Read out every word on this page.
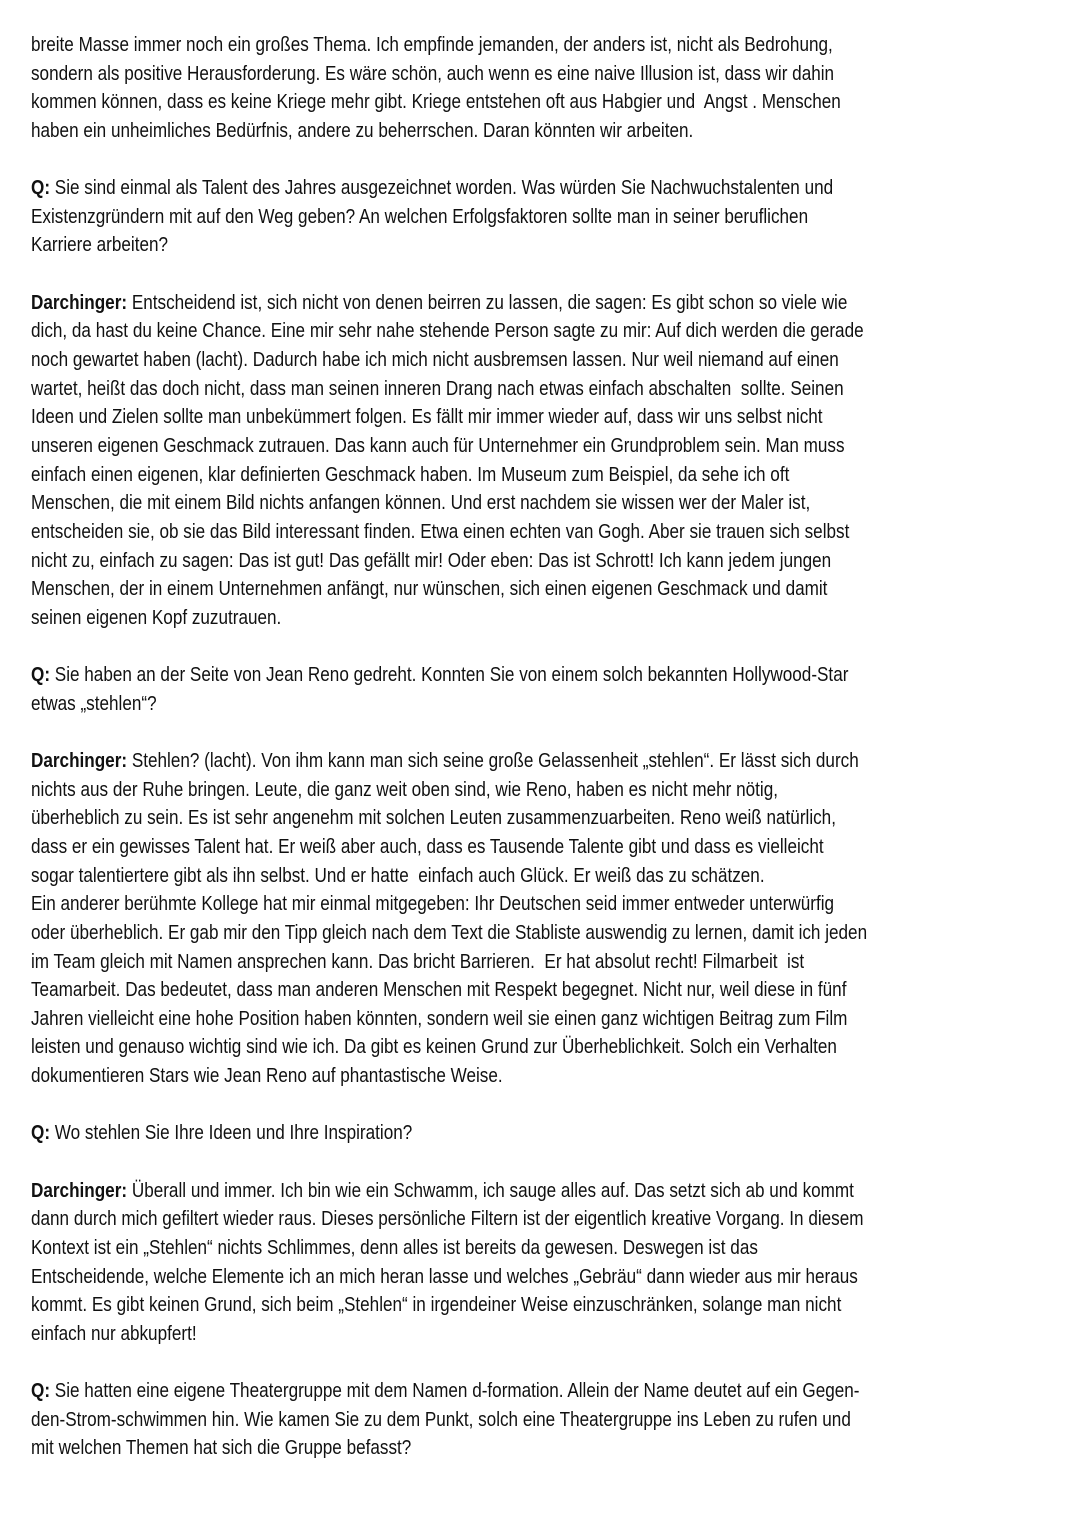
breite Masse immer noch ein großes Thema. Ich empfinde jemanden, der anders ist, nicht als Bedrohung,
sondern als positive Herausforderung. Es wäre schön, auch wenn es eine naive Illusion ist, dass wir dahin
kommen können, dass es keine Kriege mehr gibt. Kriege entstehen oft aus Habgier und  Angst . Menschen
haben ein unheimliches Bedürfnis, andere zu beherrschen. Daran könnten wir arbeiten.
Q: Sie sind einmal als Talent des Jahres ausgezeichnet worden. Was würden Sie Nachwuchstalenten und
Existenzgründern mit auf den Weg geben? An welchen Erfolgsfaktoren sollte man in seiner beruflichen
Karriere arbeiten?
Darchinger: Entscheidend ist, sich nicht von denen beirren zu lassen, die sagen: Es gibt schon so viele wie
dich, da hast du keine Chance. Eine mir sehr nahe stehende Person sagte zu mir: Auf dich werden die gerade
noch gewartet haben (lacht). Dadurch habe ich mich nicht ausbremsen lassen. Nur weil niemand auf einen
wartet, heißt das doch nicht, dass man seinen inneren Drang nach etwas einfach abschalten  sollte. Seinen
Ideen und Zielen sollte man unbekümmert folgen. Es fällt mir immer wieder auf, dass wir uns selbst nicht
unseren eigenen Geschmack zutrauen. Das kann auch für Unternehmer ein Grundproblem sein. Man muss
einfach einen eigenen, klar definierten Geschmack haben. Im Museum zum Beispiel, da sehe ich oft
Menschen, die mit einem Bild nichts anfangen können. Und erst nachdem sie wissen wer der Maler ist,
entscheiden sie, ob sie das Bild interessant finden. Etwa einen echten van Gogh. Aber sie trauen sich selbst
nicht zu, einfach zu sagen: Das ist gut! Das gefällt mir! Oder eben: Das ist Schrott! Ich kann jedem jungen
Menschen, der in einem Unternehmen anfängt, nur wünschen, sich einen eigenen Geschmack und damit
seinen eigenen Kopf zuzutrauen.
Q: Sie haben an der Seite von Jean Reno gedreht. Konnten Sie von einem solch bekannten Hollywood-Star
etwas „stehlen“?
Darchinger: Stehlen? (lacht). Von ihm kann man sich seine große Gelassenheit „stehlen“. Er lässt sich durch
nichts aus der Ruhe bringen. Leute, die ganz weit oben sind, wie Reno, haben es nicht mehr nötig,
überheblich zu sein. Es ist sehr angenehm mit solchen Leuten zusammenzuarbeiten. Reno weiß natürlich,
dass er ein gewisses Talent hat. Er weiß aber auch, dass es Tausende Talente gibt und dass es vielleicht
sogar talentiertere gibt als ihn selbst. Und er hatte  einfach auch Glück. Er weiß das zu schätzen.
Ein anderer berühmte Kollege hat mir einmal mitgegeben: Ihr Deutschen seid immer entweder unterwürfig
oder überheblich. Er gab mir den Tipp gleich nach dem Text die Stabliste auswendig zu lernen, damit ich jeden
im Team gleich mit Namen ansprechen kann. Das bricht Barrieren.  Er hat absolut recht! Filmarbeit  ist
Teamarbeit. Das bedeutet, dass man anderen Menschen mit Respekt begegnet. Nicht nur, weil diese in fünf
Jahren vielleicht eine hohe Position haben könnten, sondern weil sie einen ganz wichtigen Beitrag zum Film
leisten und genauso wichtig sind wie ich. Da gibt es keinen Grund zur Überheblichkeit. Solch ein Verhalten
dokumentieren Stars wie Jean Reno auf phantastische Weise.
Q: Wo stehlen Sie Ihre Ideen und Ihre Inspiration?
Darchinger: Überall und immer. Ich bin wie ein Schwamm, ich sauge alles auf. Das setzt sich ab und kommt
dann durch mich gefiltert wieder raus. Dieses persönliche Filtern ist der eigentlich kreative Vorgang. In diesem
Kontext ist ein „Stehlen“ nichts Schlimmes, denn alles ist bereits da gewesen. Deswegen ist das
Entscheidende, welche Elemente ich an mich heran lasse und welches „Gebräu“ dann wieder aus mir heraus
kommt. Es gibt keinen Grund, sich beim „Stehlen“ in irgendeiner Weise einzuschränken, solange man nicht
einfach nur abkupfert!
Q: Sie hatten eine eigene Theatergruppe mit dem Namen d-formation. Allein der Name deutet auf ein Gegen-
den-Strom-schwimmen hin. Wie kamen Sie zu dem Punkt, solch eine Theatergruppe ins Leben zu rufen und
mit welchen Themen hat sich die Gruppe befasst?
